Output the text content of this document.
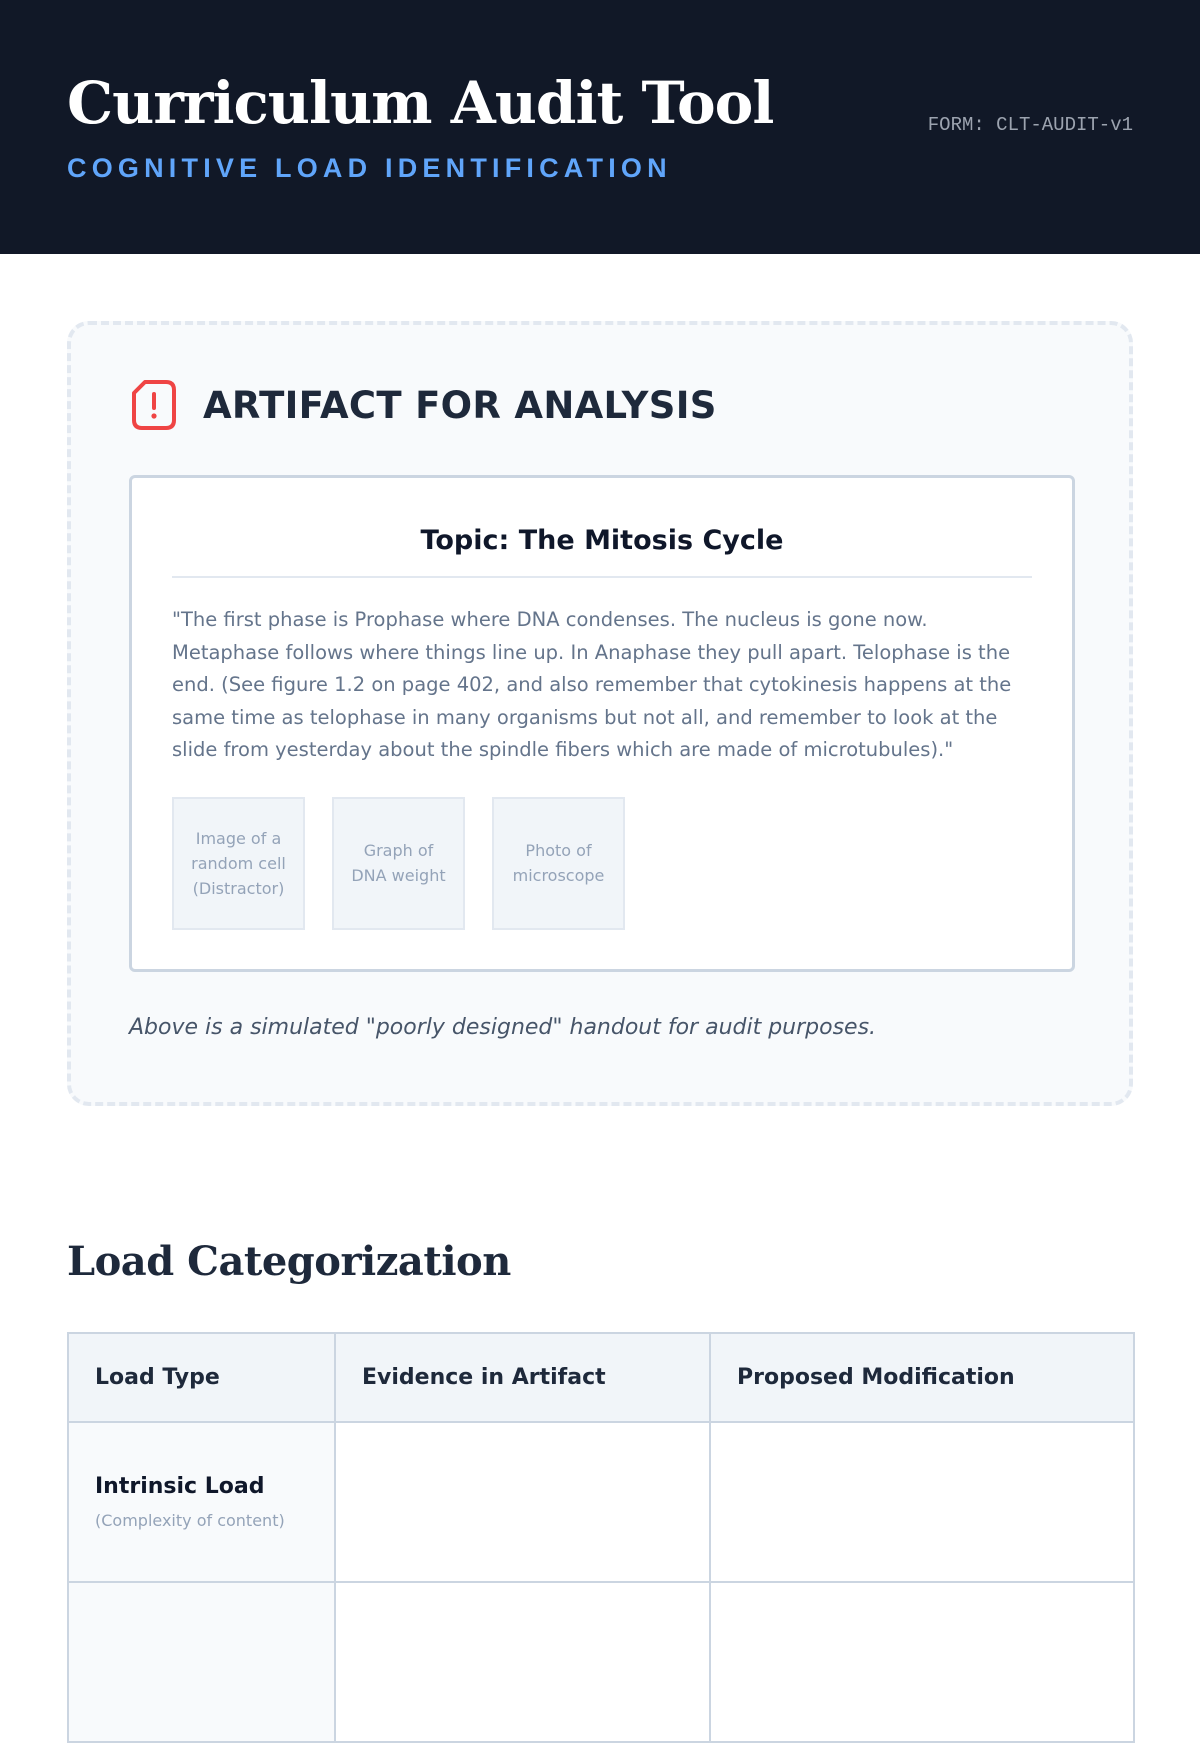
Curriculum Audit Tool
COGNITIVE LOAD IDENTIFICATION
FORM: CLT-AUDIT-v1
ARTIFACT FOR ANALYSIS
Topic: The Mitosis Cycle

"The first phase is Prophase where DNA condenses. The nucleus is gone now. Metaphase follows where things line up. In Anaphase they pull apart. Telophase is the end. (See figure 1.2 on page 402, and also remember that cytokinesis happens at the same time as telophase in many organisms but not all, and remember to look at the slide from yesterday about the spindle fibers which are made of microtubules)."

Image of a random cell (Distractor)
Graph of DNA weight
Photo of microscope
Above is a simulated "poorly designed" handout for audit purposes.
Load Categorization
Load Type	Evidence in Artifact	Proposed Modification

Intrinsic Load
(Complexity of content)		
